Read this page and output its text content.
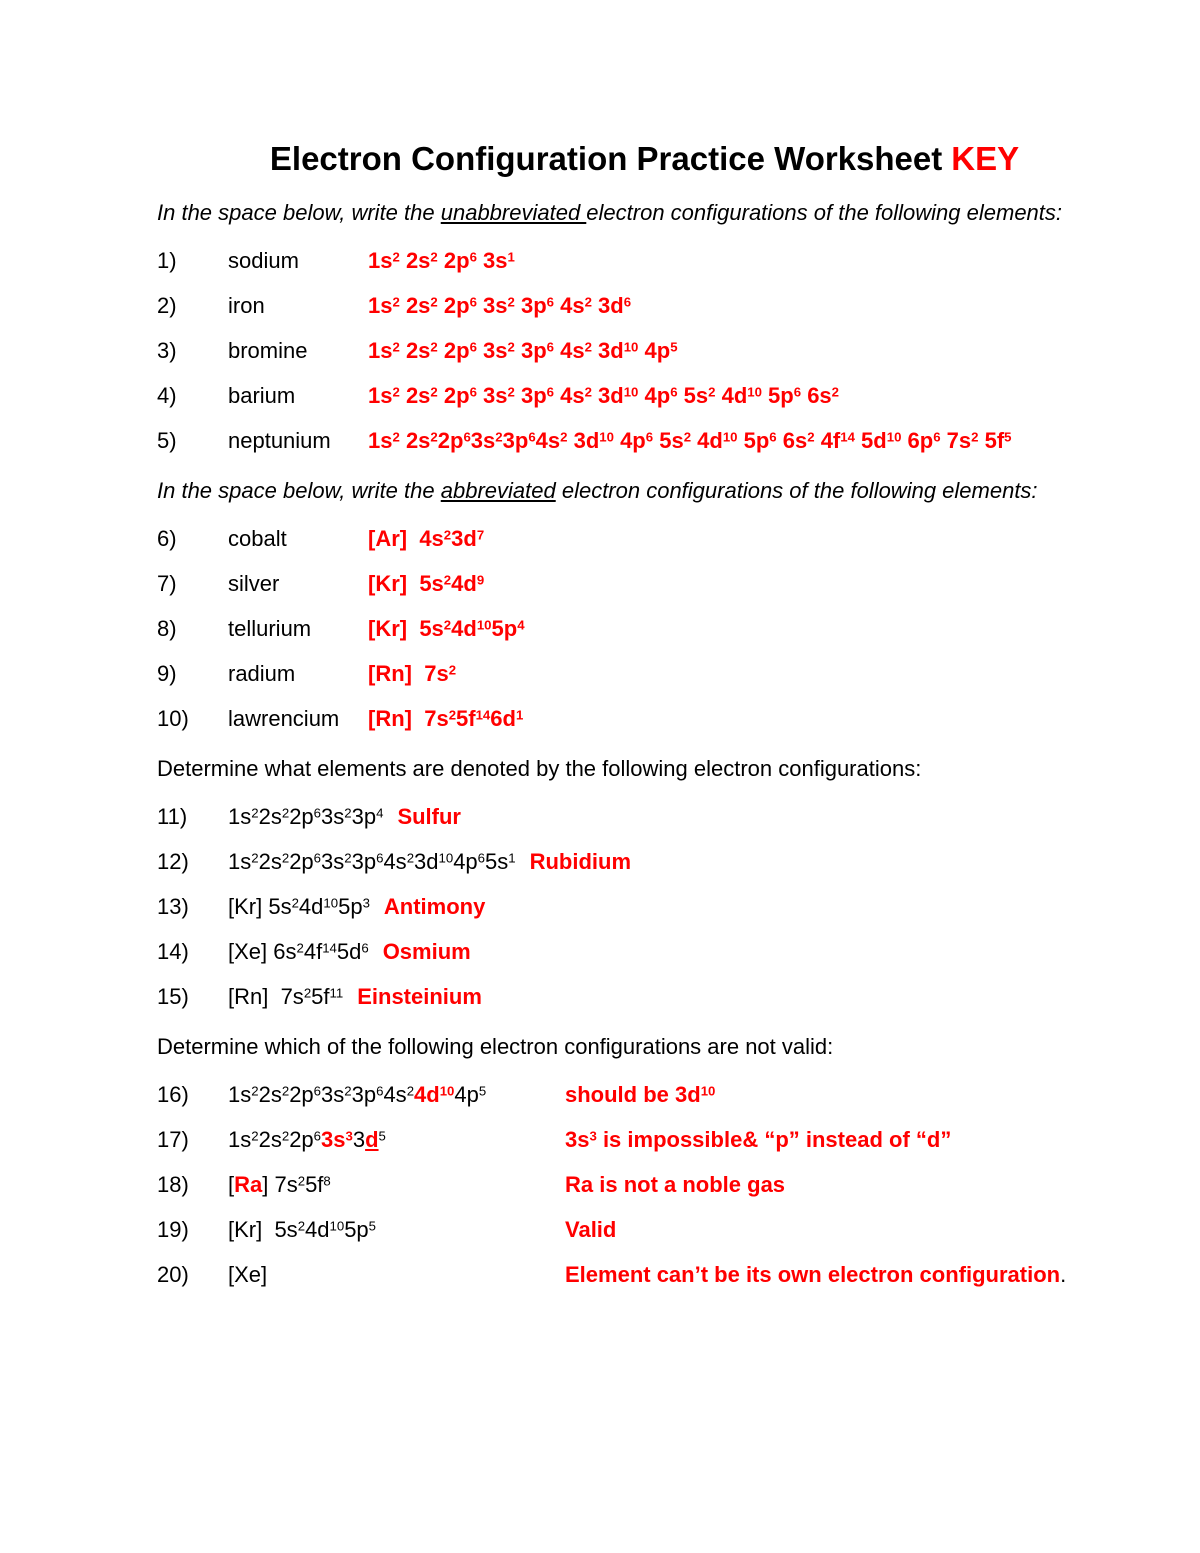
Electron Configuration Practice Worksheet KEY
In the space below, write the unabbreviated electron configurations of the following elements:
1)	sodium	$1s^2$ $2s^2$ $2p^6$ $3s^1$
2)	iron	$1s^2$ $2s^2$ $2p^6$ $3s^2$ $3p^6$ $4s^2$ $3d^6$
3)	bromine	$1s^2$ $2s^2$ $2p^6$ $3s^2$ $3p^6$ $4s^2$ $3d^{10}$ $4p^5$
4)	barium	$1s^2$ $2s^2$ $2p^6$ $3s^2$ $3p^6$ $4s^2$ $3d^{10}$ $4p^6$ $5s^2$ $4d^{10}$ $5p^6$ $6s^2$
5)	neptunium	$1s^2$ $2s^22p^63s^23p^64s^2$ $3d^{10}$ $4p^6$ $5s^2$ $4d^{10}$ $5p^6$ $6s^2$ $4f^{14}$ $5d^{10}$ $6p^6$ $7s^2$ $5f^5$
In the space below, write the abbreviated electron configurations of the following elements:
6)	cobalt	[Ar]  $4s^23d^7$
7)	silver	[Kr]  $5s^24d^9$
8)	tellurium	[Kr]  $5s^24d^{10}5p^4$
9)	radium	[Rn]  $7s^2$
10)	lawrencium	[Rn]  $7s^25f^{14}6d^1$
Determine what elements are denoted by the following electron configurations:
11)	$1s^22s^22p^63s^23p^4$ Sulfur
12)	$1s^22s^22p^63s^23p^64s^23d^{10}4p^65s^1$ Rubidium
13)	[Kr] $5s^24d^{10}5p^3$ Antimony
14)	[Xe] $6s^24f^{14}5d^6$ Osmium
15)	[Rn]  $7s^25f^{11}$ Einsteinium
Determine which of the following electron configurations are not valid:
16)	$1s^22s^22p^63s^23p^64s^24d^{10}4p^5$	should be $3d^{10}$
17)	$1s^22s^22p^63s^33d^5$	$3s^3$ is impossible& “p” instead of “d”
18)	[Ra] $7s^25f^8$	Ra is not a noble gas
19)	[Kr]  $5s^24d^{10}5p^5$	Valid
20)	[Xe]	Element can’t be its own electron configuration.
